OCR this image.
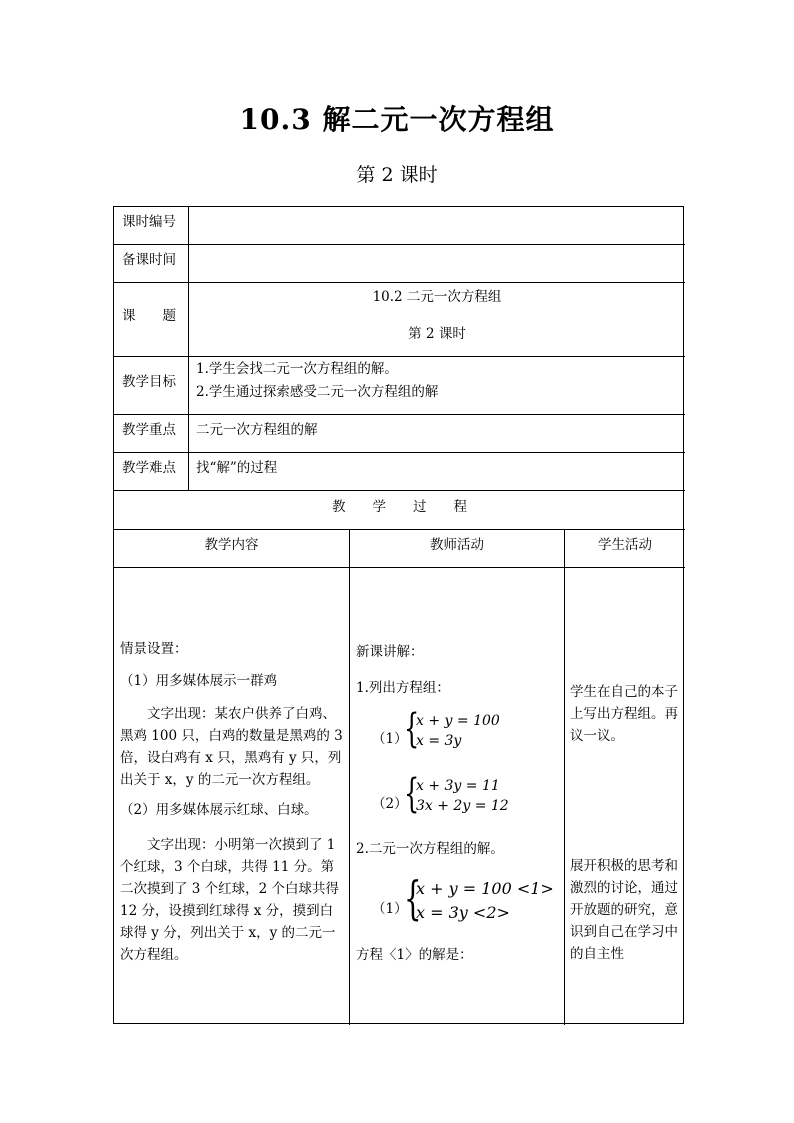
10.3 解二元一次方程组
第 2 课时
课时编号
备课时间
课　　题
10.2 二元一次方程组
第 2 课时
教学目标
1.学生会找二元一次方程组的解。
2.学生通过探索感受二元一次方程组的解
教学重点 二元一次方程组的解
教学难点 找“解”的过程
教　　学　　过　　程
教学内容	教师活动	学生活动
情景设置：
（1）用多媒体展示一群鸡
文字出现：某农户供养了白鸡、黑鸡 100 只，白鸡的数量是黑鸡的 3 倍，设白鸡有 x 只，黑鸡有 y 只，列出关于 x，y 的二元一次方程组。
（2）用多媒体展示红球、白球。
文字出现：小明第一次摸到了 1 个红球，3 个白球，共得 11 分。第二次摸到了 3 个红球，2 个白球共得 12 分，设摸到红球得 x 分，摸到白球得 y 分，列出关于 x，y 的二元一次方程组。
新课讲解：
1.列出方程组：
（1）
{
x + y = 100
x = 3y
（2）
{
x + 3y = 11
3x + 2y = 12
2.二元一次方程组的解。
（1）
{
x + y = 100 <1>
x = 3y <2>
方程〈1〉的解是：
学生在自己的本子上写出方程组。再议一议。
展开积极的思考和激烈的讨论，通过开放题的研究，意识到自己在学习中的自主性
